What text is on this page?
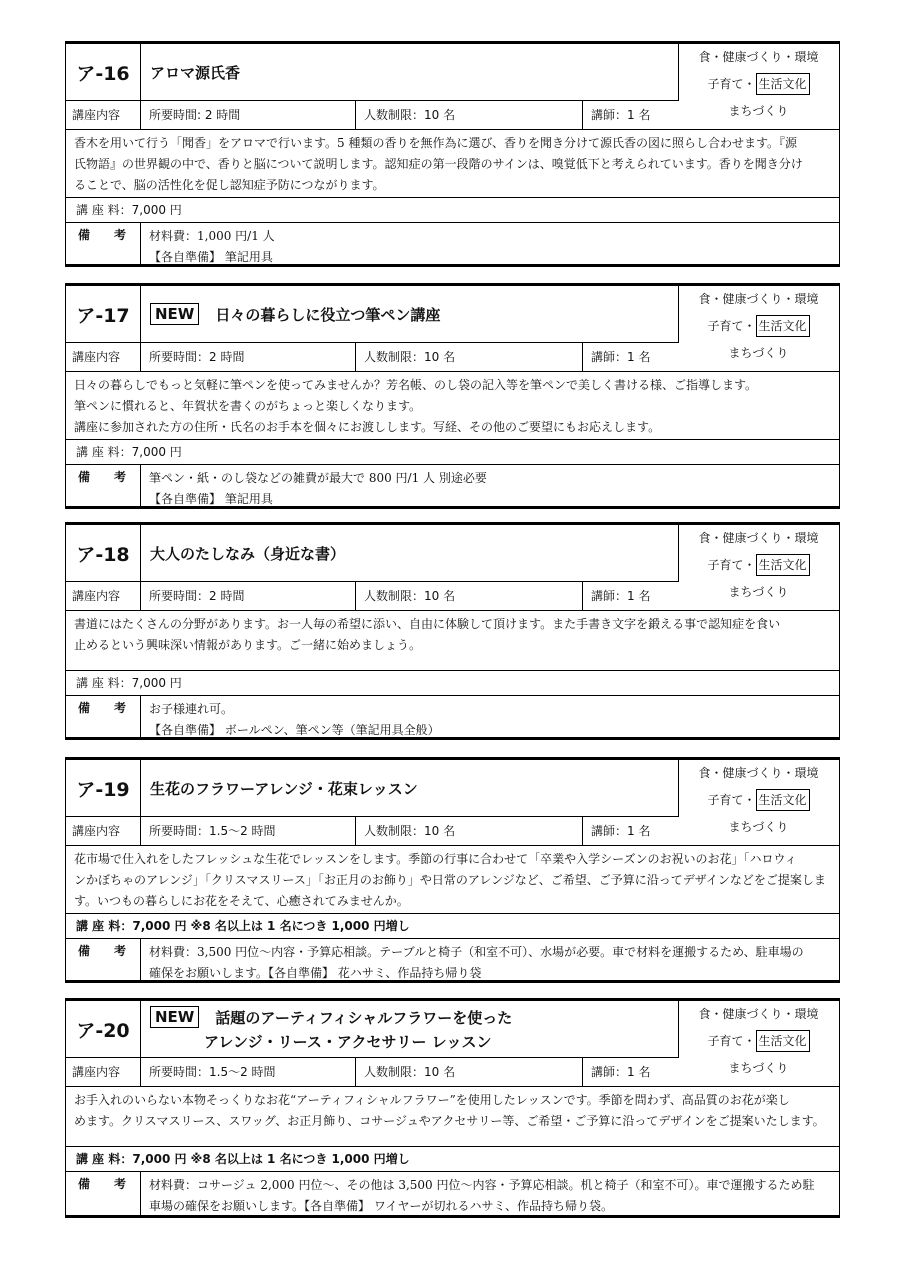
ア-16	アロマ源氏香
食・健康づくり・環境
子育て・ 生活文化
まちづくり
講座内容	所要時間: 2 時間	人数制限：10 名	講師：1 名
香木を用いて行う「聞香」をアロマで行います。5 種類の香りを無作為に選び、香りを聞き分けて源氏香の図に照らし合わせます。『源
氏物語』の世界観の中で、香りと脳について説明します。認知症の第一段階のサインは、嗅覚低下と考えられています。香りを聞き分け
ることで、脳の活性化を促し認知症予防につながります。
講 座 料：7,000 円
備 考 材料費：1,000 円/1 人
【各自準備】 筆記用具
ア-17	NEW	日々の暮らしに役立つ筆ペン講座
食・健康づくり・環境
子育て・ 生活文化
まちづくり
講座内容	所要時間：2 時間	人数制限：10 名	講師：1 名
日々の暮らしでもっと気軽に筆ペンを使ってみませんか？芳名帳、のし袋の記入等を筆ペンで美しく書ける様、ご指導します。
筆ペンに慣れると、年賀状を書くのがちょっと楽しくなります。
講座に参加された方の住所・氏名のお手本を個々にお渡しします。写経、その他のご要望にもお応えします。
講 座 料：7,000 円
備 考 筆ペン・紙・のし袋などの雑費が最大で 800 円/1 人 別途必要
【各自準備】 筆記用具
ア-18	大人のたしなみ（身近な書）
食・健康づくり・環境
子育て・ 生活文化
まちづくり
講座内容	所要時間：2 時間	人数制限：10 名	講師：1 名
書道にはたくさんの分野があります。お一人毎の希望に添い、自由に体験して頂けます。また手書き文字を鍛える事で認知症を食い
止めるという興味深い情報があります。ご一緒に始めましょう。
講 座 料：7,000 円
備 考 お子様連れ可。
【各自準備】 ボールペン、筆ペン等（筆記用具全般）
ア-19	生花のフラワーアレンジ・花束レッスン
食・健康づくり・環境
子育て・ 生活文化
まちづくり
講座内容	所要時間：1.5～2 時間	人数制限：10 名	講師：1 名
花市場で仕入れをしたフレッシュな生花でレッスンをします。季節の行事に合わせて「卒業や入学シーズンのお祝いのお花」「ハロウィ
ンかぼちゃのアレンジ」「クリスマスリース」「お正月のお飾り」や日常のアレンジなど、ご希望、ご予算に沿ってデザインなどをご提案しま
す。いつもの暮らしにお花をそえて、心癒されてみませんか。
講 座 料：7,000 円 ※8 名以上は 1 名につき 1,000 円増し
備 考 材料費：3,500 円位～内容・予算応相談。テーブルと椅子（和室不可）、水場が必要。車で材料を運搬するため、駐車場の
確保をお願いします。【各自準備】 花ハサミ、作品持ち帰り袋
ア-20
NEW	話題のアーティフィシャルフラワーを使った
アレンジ・リース・アクセサリー レッスン
食・健康づくり・環境
子育て・ 生活文化
まちづくり
講座内容	所要時間：1.5～2 時間	人数制限：10 名	講師：1 名
お手入れのいらない本物そっくりなお花“アーティフィシャルフラワー”を使用したレッスンです。季節を問わず、高品質のお花が楽し
めます。クリスマスリース、スワッグ、お正月飾り、コサージュやアクセサリー等、ご希望・ご予算に沿ってデザインをご提案いたします。
講 座 料：7,000 円 ※8 名以上は 1 名につき 1,000 円増し
備 考 材料費：コサージュ 2,000 円位～、その他は 3,500 円位～内容・予算応相談。机と椅子（和室不可）。車で運搬するため駐
車場の確保をお願いします。【各自準備】 ワイヤーが切れるハサミ、作品持ち帰り袋。
